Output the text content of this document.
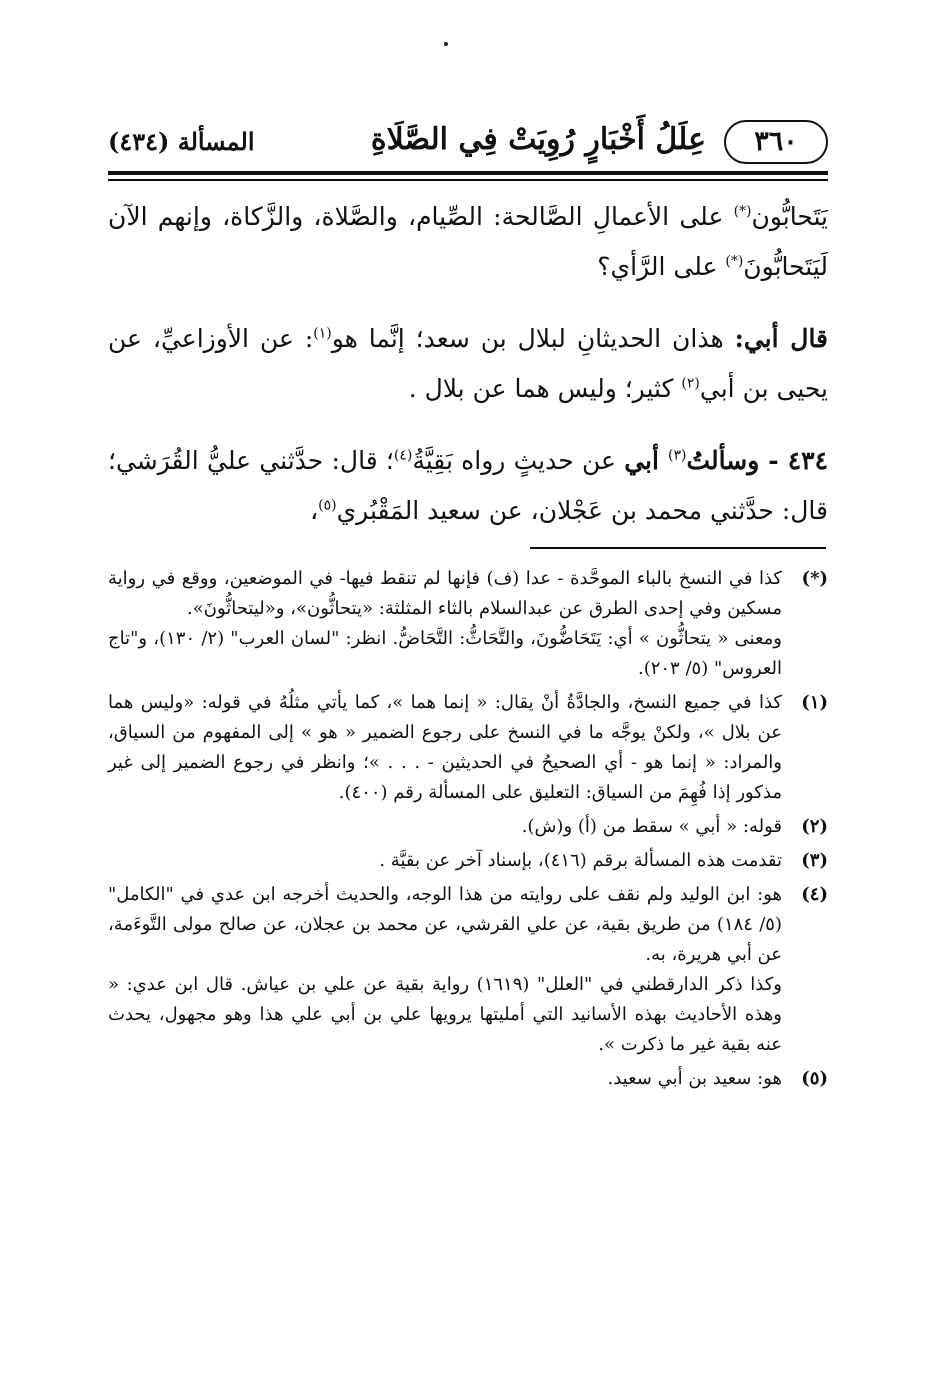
٣٦٠
عِلَلُ أَخْبَارٍ رُوِيَتْ فِي الصَّلَاةِ
المسألة (٤٣٤)

يَتَحابُّون(*) على الأعمالِ الصَّالحة: الصِّيام، والصَّلاة، والزَّكاة، وإنهم الآن لَيَتَحابُّونَ(*) على الرَّأي؟

قال أبي: هذان الحديثانِ لبلال بن سعد؛ إنَّما هو$^{(١)}$: عن الأوزاعيِّ، عن يحيى بن أبي$^{(٢)}$ كثير؛ وليس هما عن بلال .

٤٣٤ - وسألتُ$^{(٣)}$ أبي عن حديثٍ رواه بَقِيَّةُ$^{(٤)}$؛ قال: حدَّثني عليُّ القُرَشي؛ قال: حدَّثني محمد بن عَجْلان، عن سعيد المَقْبُري$^{(٥)}$،

(*)

كذا في النسخ بالباء الموحَّدة - عدا (ف) فإنها لم تنقط فيها- في الموضعين، ووقع في رواية مسكين وفي إحدى الطرق عن عبدالسلام بالثاء المثلثة: «يتحاثُّون»، و«ليتحاثُّونَ».

ومعنى « يتحاثُّون » أي: يَتَحَاضُّونَ، والتَّحَاثُّ: التَّحَاضُّ. انظر: "لسان العرب" (٢/ ١٣٠)، و"تاج العروس" (٥/ ٢٠٣).

(١)

كذا في جميع النسخ، والجادَّةُ أنْ يقال: « إنما هما »، كما يأتي مثلُهُ في قوله: «وليس هما عن بلال »، ولكنْ يوجَّه ما في النسخ على رجوع الضمير « هو » إلى المفهوم من السياق، والمراد: « إنما هو - أي الصحيحُ في الحديثين - . . . »؛ وانظر في رجوع الضمير إلى غير مذكور إذا فُهِمَ من السياق: التعليق على المسألة رقم (٤٠٠).

(٢)

قوله: « أبي » سقط من (أ) و(ش).

(٣)

تقدمت هذه المسألة برقم (٤١٦)، بإسناد آخر عن بقيَّة .

(٤)

هو: ابن الوليد ولم نقف على روايته من هذا الوجه، والحديث أخرجه ابن عدي في "الكامل" (٥/ ١٨٤) من طريق بقية، عن علي القرشي، عن محمد بن عجلان، عن صالح مولى التَّوءَمة، عن أبي هريرة، به.

وكذا ذكر الدارقطني في "العلل" (١٦١٩) رواية بقية عن علي بن عياش. قال ابن عدي: « وهذه الأحاديث بهذه الأسانيد التي أمليتها يرويها علي بن أبي علي هذا وهو مجهول، يحدث عنه بقية غير ما ذكرت ».

(٥)

هو: سعيد بن أبي سعيد.
